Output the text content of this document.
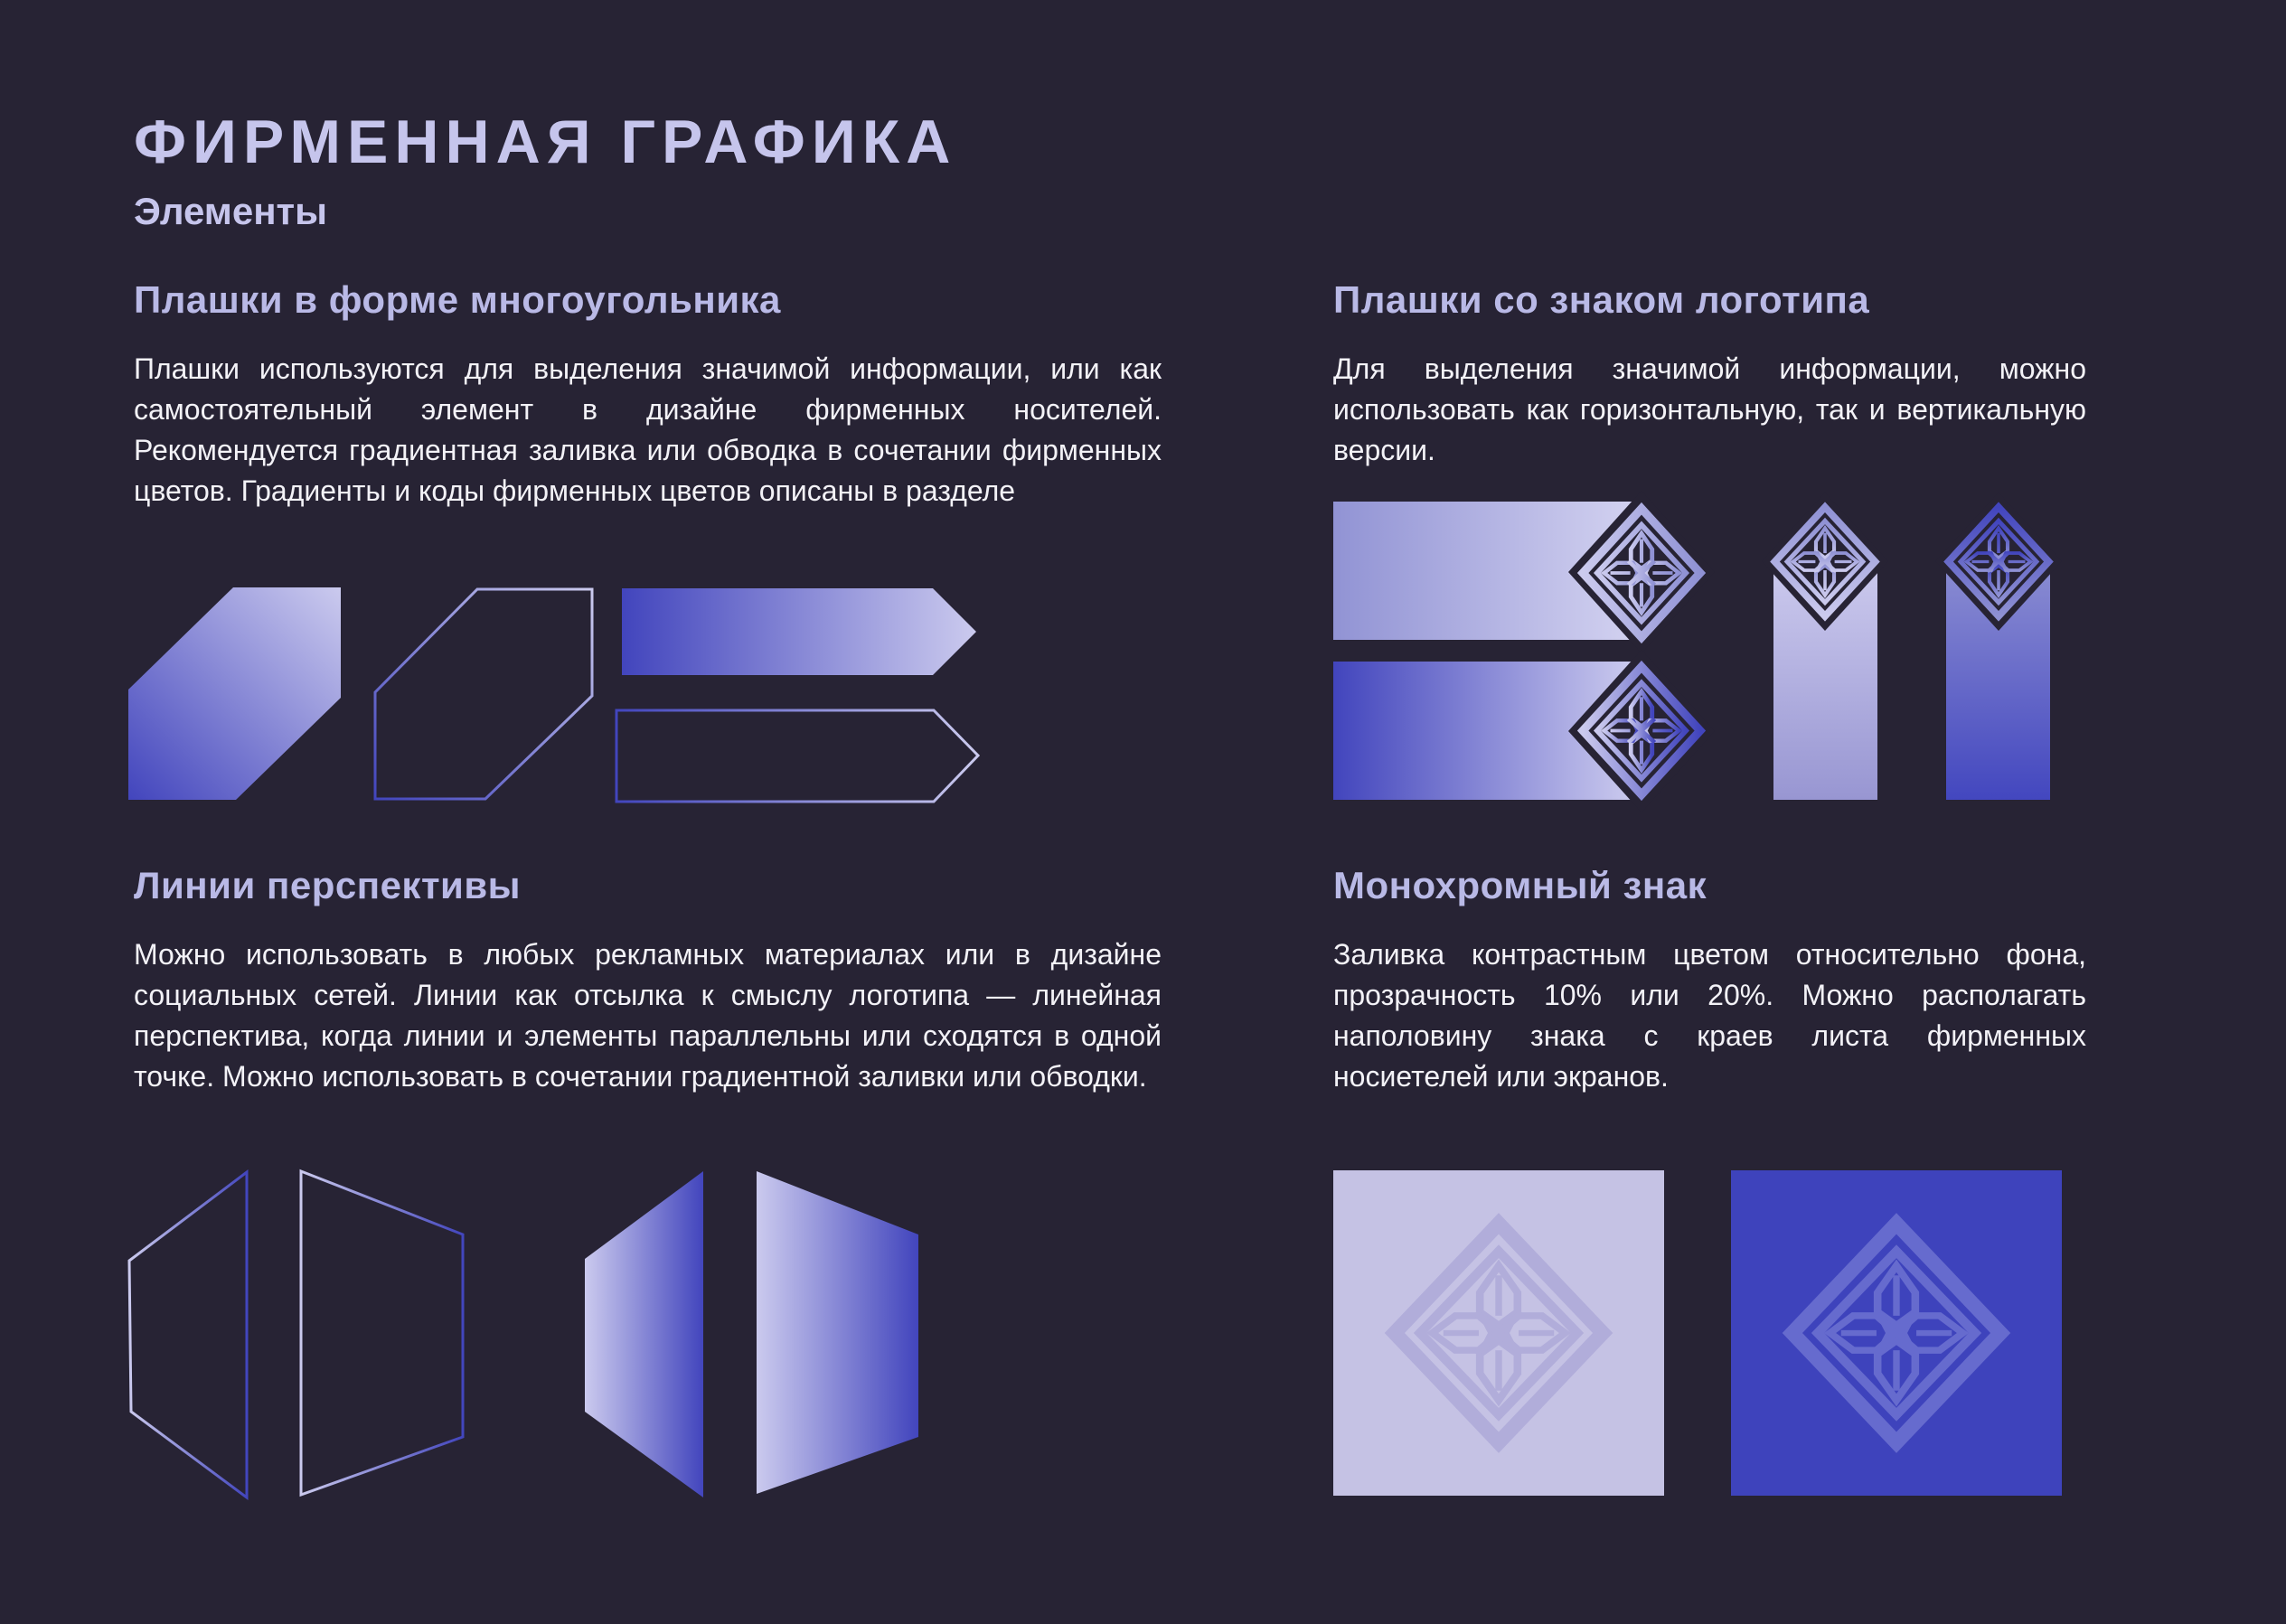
ФИРМЕННАЯ ГРАФИКА
Элементы
Плашки в форме многоугольника

Плашки используются для выделения значимой информации, или как самостоятельный элемент в дизайне фирменных носителей. Рекомендуется градиентная заливка или обводка в сочетании фирменных цветов. Градиенты и коды фирменных цветов описаны в разделе

Плашки со знаком логотипа

Для выделения значимой информации, можно использовать как горизонтальную, так и вертикальную версии.

Линии перспективы

Можно использовать в любых рекламных материалах или в дизайне социальных сетей. Линии как отсылка к смыслу логотипа — линейная перспектива, когда линии и элементы параллельны или сходятся в одной точке. Можно использовать в сочетании градиентной заливки или обводки.

Монохромный знак

Заливка контрастным цветом относительно фона, прозрачность 10% или 20%. Можно располагать наполовину знака с краев листа фирменных носиетелей или экранов.
